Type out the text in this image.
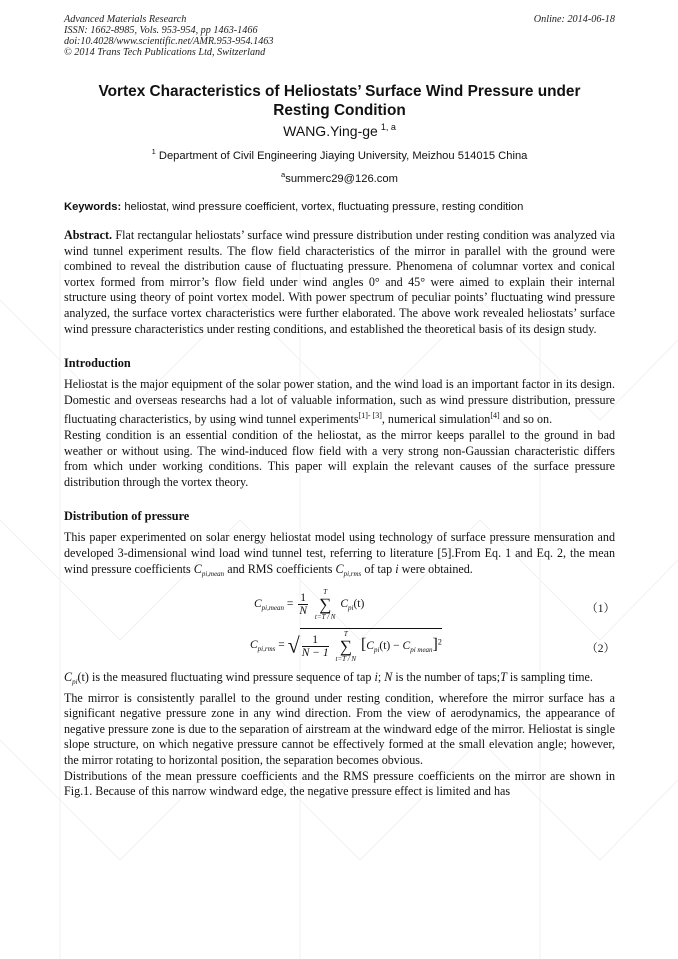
Advanced Materials Research
ISSN: 1662-8985, Vols. 953-954, pp 1463-1466
doi:10.4028/www.scientific.net/AMR.953-954.1463
© 2014 Trans Tech Publications Ltd, Switzerland
Online: 2014-06-18
Vortex Characteristics of Heliostats’ Surface Wind Pressure under Resting Condition
WANG.Ying-ge $^{1, a}$
$^1$ Department of Civil Engineering Jiaying University, Meizhou 514015 China
$^a$summerc29@126.com
Keywords: heliostat, wind pressure coefficient, vortex, fluctuating pressure, resting condition

Abstract. Flat rectangular heliostats’ surface wind pressure distribution under resting condition was analyzed via wind tunnel experiment results. The flow field characteristics of the mirror in parallel with the ground were combined to reveal the distribution cause of fluctuating pressure. Phenomena of columnar vortex and conical vortex formed from mirror’s flow field under wind angles 0° and 45° were aimed to explain their internal structure using theory of point vortex model. With power spectrum of peculiar points’ fluctuating wind pressure analyzed, the surface vortex characteristics were further elaborated. The above work revealed heliostats’ surface wind pressure characteristics under resting conditions, and established the theoretical basis of its design study.

Introduction

Heliostat is the major equipment of the solar power station, and the wind load is an important factor in its design. Domestic and overseas researchs had a lot of valuable information, such as wind pressure distribution, pressure fluctuating characteristics, by using wind tunnel experiments[1]- [3], numerical simulation[4] and so on.

Resting condition is an essential condition of the heliostat, as the mirror keeps parallel to the ground in bad weather or without using. The wind-induced flow field with a very strong non-Gaussian characteristic differs from which under working conditions. This paper will explain the relevant causes of the surface pressure distribution through the vortex theory.

Distribution of pressure

This paper experimented on solar energy heliostat model using technology of surface pressure mensuration and developed 3-dimensional wind load wind tunnel test, referring to literature [5].From Eq. 1 and Eq. 2, the mean wind pressure coefficients $C_{pi,mean}$ and RMS coefficients $C_{pi,rms}$ of tap i were obtained.

$C_{pi,mean} = \frac{1}{N}$
	T
∑
t=T / N
$C_{pi}(t)$	（1）
$C_{pi,rms}$ = √ $\frac{1}{N - 1}$
	T
∑
t=T / N
$[C_{pi}(t) - C_{pi mean}]^2$
（2）

$C_{pi}(t)$ is the measured fluctuating wind pressure sequence of tap i; N is the number of taps;T is sampling time.

The mirror is consistently parallel to the ground under resting condition, wherefore the mirror surface has a significant negative pressure zone in any wind direction. From the view of aerodynamics, the appearance of negative pressure zone is due to the separation of airstream at the windward edge of the mirror. Heliostat is single slope structure, on which negative pressure cannot be effectively formed at the small elevation angle; however, the mirror rotating to horizontal position, the separation becomes obvious.

Distributions of the mean pressure coefficients and the RMS pressure coefficients on the mirror are shown in Fig.1. Because of this narrow windward edge, the negative pressure effect is limited and has
